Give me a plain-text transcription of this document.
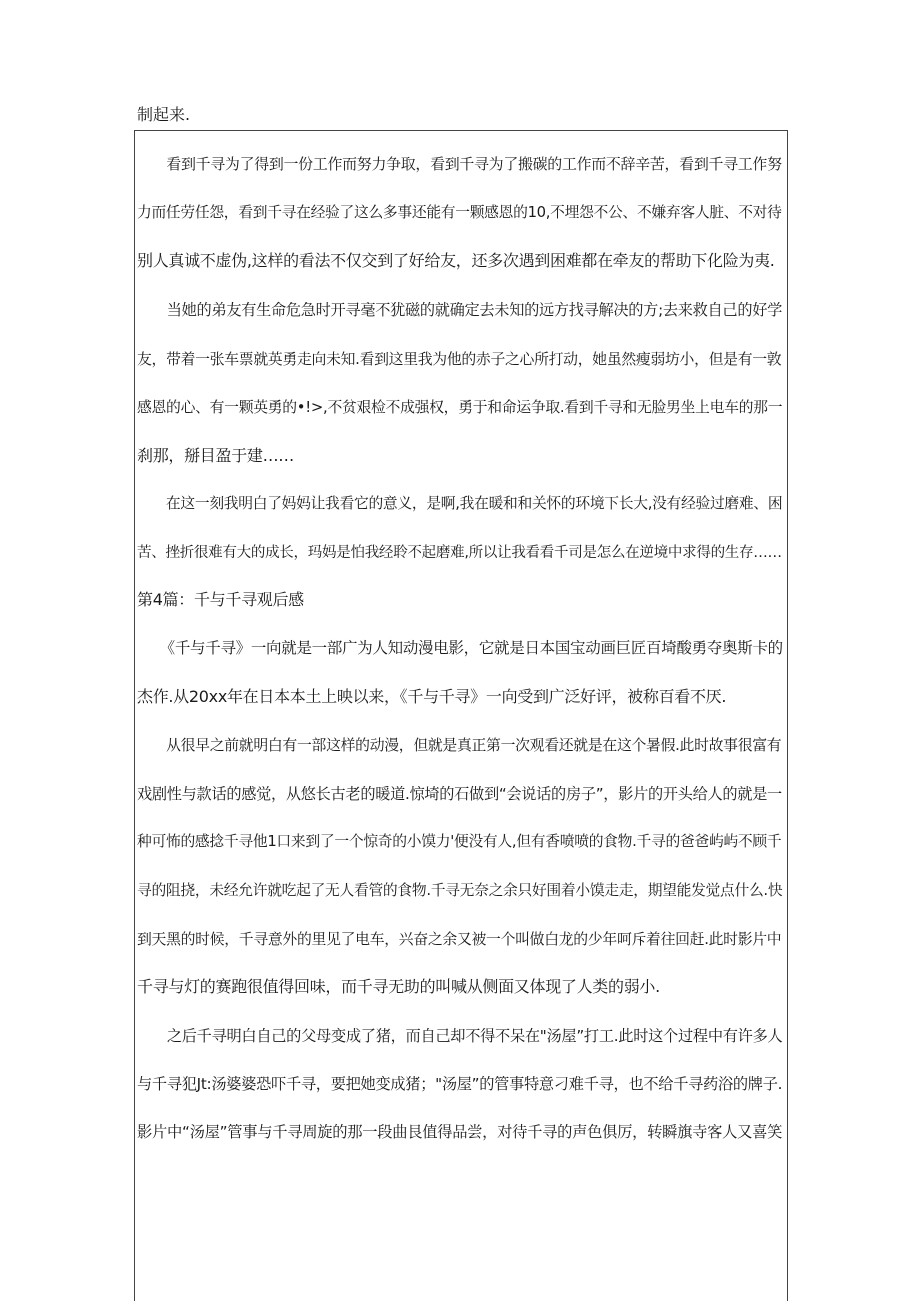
制起来.
　　看到千寻为了得到一份工作而努力争取，看到千寻为了搬碳的工作而不辞辛苦，看到千寻工作努
力而任劳任怨，看到千寻在经验了这么多事还能有一颗感恩的10,不埋怨不公、不嫌弃客人脏、不对待
别人真诚不虚伪,这样的看法不仅交到了好给友，还多次遇到困难都在牵友的帮助下化险为夷.
　　当她的弟友有生命危急时开寻毫不犹磁的就确定去未知的远方找寻解决的方;去来救自己的好学
友，带着一张车票就英勇走向未知.看到这里我为他的赤子之心所打动，她虽然瘦弱坊小，但是有一敦
感恩的心、有一颗英勇的•!>,不贫艰检不成强权，勇于和命运争取.看到千寻和无脸男坐上电车的那一
刹那，掰目盈于建……
　　在这一刻我明白了妈妈让我看它的意义，是啊,我在暖和和关怀的环境下长大,没有经验过磨难、困
苦、挫折很难有大的成长，玛妈是怕我经聆不起磨难,所以让我看看千司是怎么在逆境中求得的生存……
第4篇：千与千寻观后感
　　《千与千寻》一向就是一部广为人知动漫电影，它就是日本国宝动画巨匠百埼酸勇夺奥斯卡的
杰作.从20xx年在日本本土上映以来，《千与千寻》一向受到广泛好评，被称百看不厌.
　　从很早之前就明白有一部这样的动漫，但就是真正第一次观看还就是在这个暑假.此时故事很富有
戏剧性与款话的感觉，从悠长古老的暖道.惊埼的石做到“会说话的房子”，影片的开头给人的就是一
种可怖的感捻千寻他1口来到了一个惊奇的小馍力'便没有人,但有香喷喷的食物.千寻的爸爸屿屿不顾千
寻的阻挠，未经允许就吃起了无人看管的食物.千寻无奈之余只好围着小馍走走，期望能发觉点什么.快
到天黑的时候，千寻意外的里见了电车，兴奋之余又被一个叫做白龙的少年呵斥着往回赶.此时影片中
千寻与灯的赛跑很值得回味，而千寻无助的叫喊从侧面又体现了人类的弱小.
　　之后千寻明白自己的父母变成了猪，而自己却不得不呆在"汤屋”打工.此时这个过程中有许多人
与千寻犯Jt:汤婆婆恐吓千寻，要把她变成猪；"汤屋”的管事特意刁难千寻，也不给千寻药浴的牌子.
影片中“汤屋”管事与千寻周旋的那一段曲艮值得品尝，对待千寻的声色俱厉，转瞬旗寺客人又喜笑
